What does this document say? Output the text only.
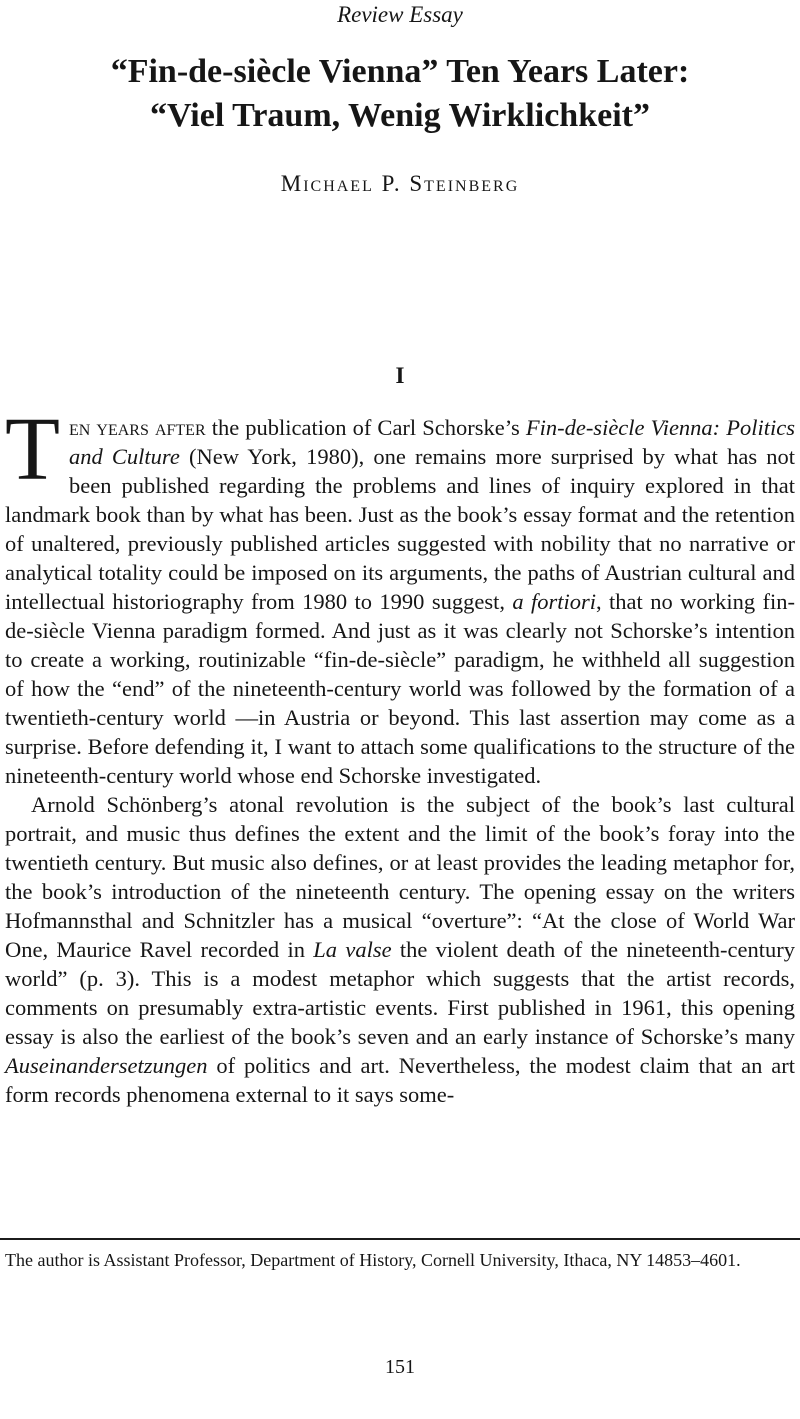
Review Essay
“Fin-de-siècle Vienna” Ten Years Later:
“Viel Traum, Wenig Wirklichkeit”
Michael P. Steinberg
I

Ten years after the publication of Carl Schorske’s Fin-de-siècle Vienna: Politics and Culture (New York, 1980), one remains more surprised by what has not been published regarding the problems and lines of inquiry explored in that landmark book than by what has been. Just as the book’s essay format and the retention of unaltered, previously published articles suggested with nobility that no narrative or analytical totality could be imposed on its arguments, the paths of Austrian cultural and intellectual historiography from 1980 to 1990 suggest, a fortiori, that no working fin-de-siècle Vienna paradigm formed. And just as it was clearly not Schorske’s intention to create a working, routinizable “fin-de-siècle” paradigm, he withheld all suggestion of how the “end” of the nineteenth-century world was followed by the formation of a twentieth-century world —in Austria or beyond. This last assertion may come as a surprise. Before defending it, I want to attach some qualifications to the structure of the nineteenth-century world whose end Schorske investigated.

Arnold Schönberg’s atonal revolution is the subject of the book’s last cultural portrait, and music thus defines the extent and the limit of the book’s foray into the twentieth century. But music also defines, or at least provides the leading metaphor for, the book’s introduction of the nineteenth century. The opening essay on the writers Hofmannsthal and Schnitzler has a musical “overture”: “At the close of World War One, Maurice Ravel recorded in La valse the violent death of the nineteenth-century world” (p. 3). This is a modest metaphor which suggests that the artist records, comments on presumably extra-artistic events. First published in 1961, this opening essay is also the earliest of the book’s seven and an early instance of Schorske’s many Auseinandersetzungen of politics and art. Nevertheless, the modest claim that an art form records phenomena external to it says some-

The author is Assistant Professor, Department of History, Cornell University, Ithaca, NY 14853–4601.

151
